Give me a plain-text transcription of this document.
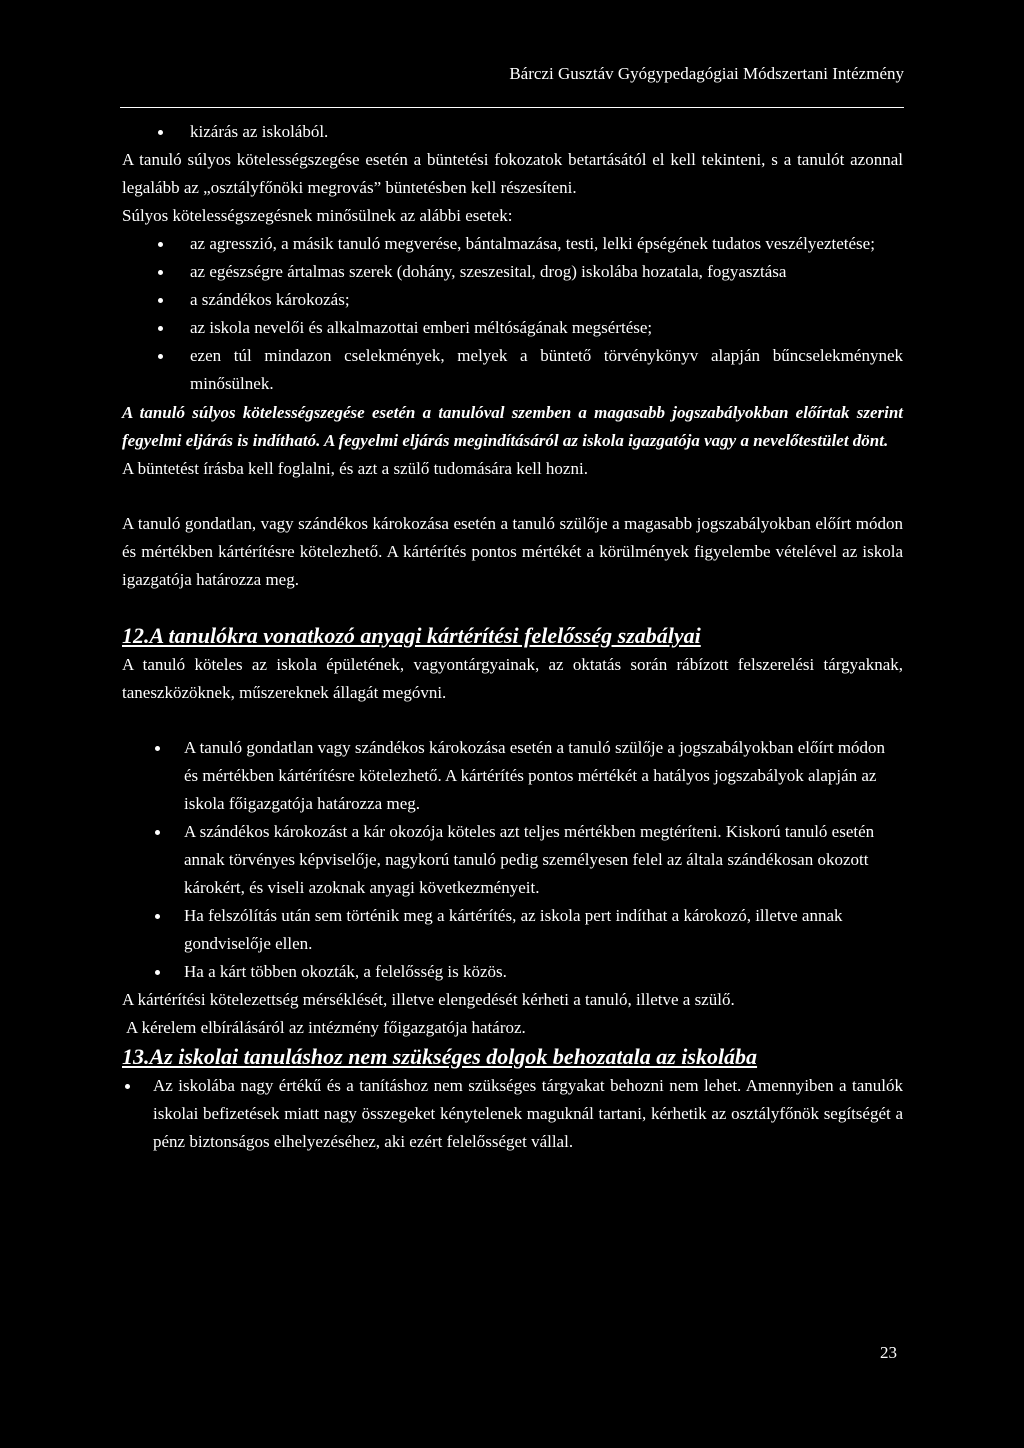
Bárczi Gusztáv Gyógypedagógiai Módszertani Intézmény
kizárás az iskolából.

A tanuló súlyos kötelességszegése esetén a büntetési fokozatok betartásától el kell tekinteni, s a tanulót azonnal legalább az „osztályfőnöki megrovás” büntetésben kell részesíteni.

Súlyos kötelességszegésnek minősülnek az alábbi esetek:

az agresszió, a másik tanuló megverése, bántalmazása, testi, lelki épségének tudatos veszélyeztetése;
az egészségre ártalmas szerek (dohány, szeszesital, drog) iskolába hozatala, fogyasztása
a szándékos károkozás;
az iskola nevelői és alkalmazottai emberi méltóságának megsértése;
ezen túl mindazon cselekmények, melyek a büntető törvénykönyv alapján bűncselekménynek minősülnek.

A tanuló súlyos kötelességszegése esetén a tanulóval szemben a magasabb jogszabályokban előírtak szerint fegyelmi eljárás is indítható. A fegyelmi eljárás megindításáról az iskola igazgatója vagy a nevelőtestület dönt.

A büntetést írásba kell foglalni, és azt a szülő tudomására kell hozni.

A tanuló gondatlan, vagy szándékos károkozása esetén a tanuló szülője a magasabb jogszabályokban előírt módon és mértékben kártérítésre kötelezhető. A kártérítés pontos mértékét a körülmények figyelembe vételével az iskola igazgatója határozza meg.

12.A tanulókra vonatkozó anyagi kártérítési felelősség szabályai

A tanuló köteles az iskola épületének, vagyontárgyainak, az oktatás során rábízott felszerelési tárgyaknak, taneszközöknek, műszereknek állagát megóvni.

A tanuló gondatlan vagy szándékos károkozása esetén a tanuló szülője a jogszabályokban előírt módon és mértékben kártérítésre kötelezhető. A kártérítés pontos mértékét a hatályos jogszabályok alapján az iskola főigazgatója határozza meg.
A szándékos károkozást a kár okozója köteles azt teljes mértékben megtéríteni. Kiskorú tanuló esetén annak törvényes képviselője, nagykorú tanuló pedig személyesen felel az általa szándékosan okozott károkért, és viseli azoknak anyagi következményeit.
Ha felszólítás után sem történik meg a kártérítés, az iskola pert indíthat a károkozó, illetve annak gondviselője ellen.
Ha a kárt többen okozták, a felelősség is közös.

A kártérítési kötelezettség mérséklését, illetve elengedését kérheti a tanuló, illetve a szülő.

A kérelem elbírálásáról az intézmény főigazgatója határoz.

13.Az iskolai tanuláshoz nem szükséges dolgok behozatala az iskolába
Az iskolába nagy értékű és a tanításhoz nem szükséges tárgyakat behozni nem lehet. Amennyiben a tanulók iskolai befizetések miatt nagy összegeket kénytelenek maguknál tartani, kérhetik az osztályfőnök segítségét a pénz biztonságos elhelyezéséhez, aki ezért felelősséget vállal.
23
